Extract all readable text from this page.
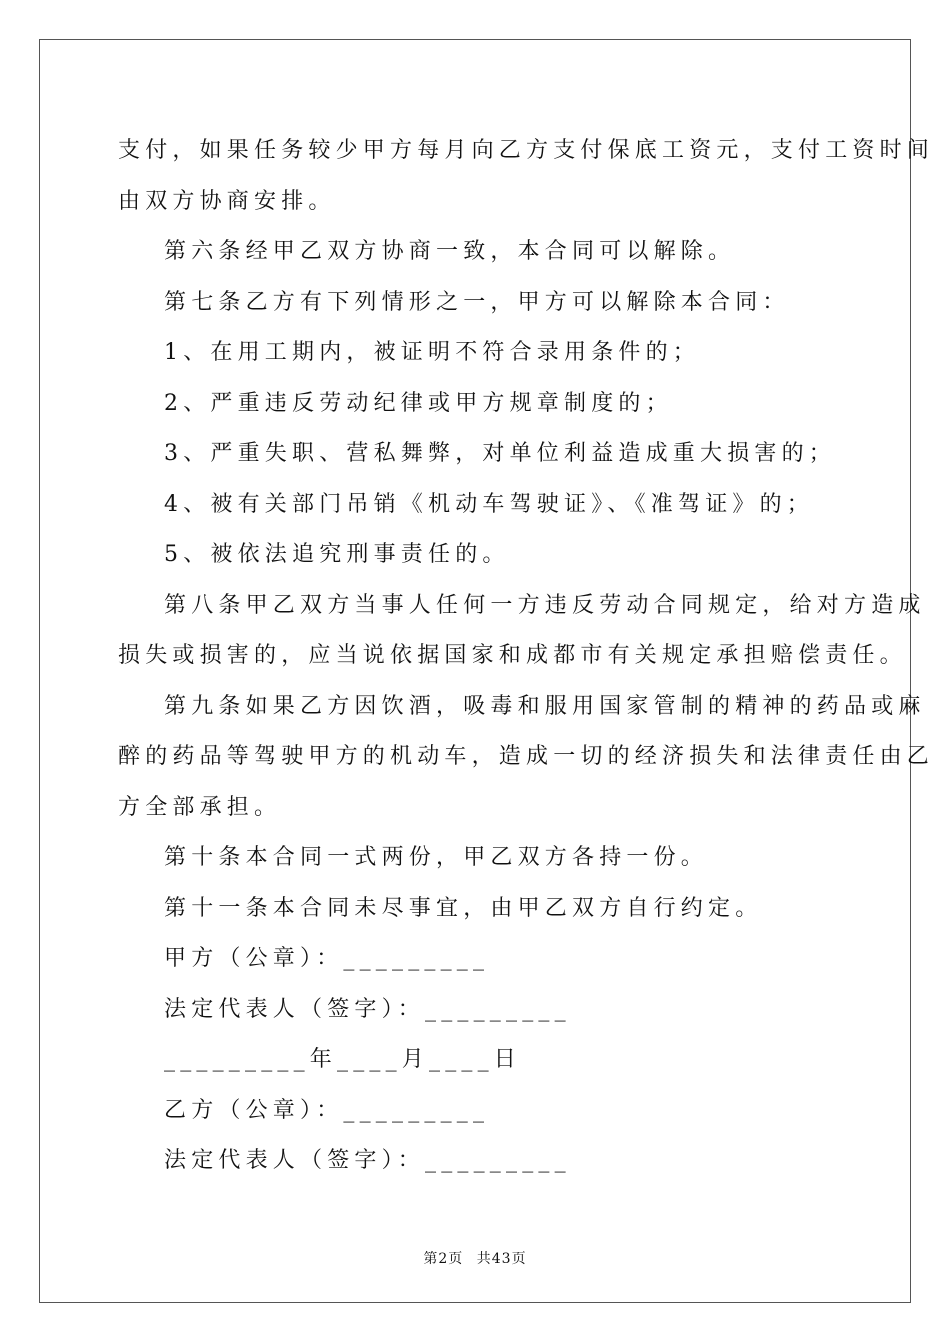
支付，如果任务较少甲方每月向乙方支付保底工资元，支付工资时间
由双方协商安排。
第六条经甲乙双方协商一致，本合同可以解除。
第七条乙方有下列情形之一，甲方可以解除本合同：
1、在用工期内，被证明不符合录用条件的；
2、严重违反劳动纪律或甲方规章制度的；
3、严重失职、营私舞弊，对单位利益造成重大损害的；
4、被有关部门吊销《机动车驾驶证》、《准驾证》的；
5、被依法追究刑事责任的。
第八条甲乙双方当事人任何一方违反劳动合同规定，给对方造成
损失或损害的，应当说依据国家和成都市有关规定承担赔偿责任。
第九条如果乙方因饮酒，吸毒和服用国家管制的精神的药品或麻
醉的药品等驾驶甲方的机动车，造成一切的经济损失和法律责任由乙
方全部承担。
第十条本合同一式两份，甲乙双方各持一份。
第十一条本合同未尽事宜，由甲乙双方自行约定。
甲方（公章）：_________
法定代表人（签字）：_________
_________年____月____日
乙方（公章）：_________
法定代表人（签字）：_________
第2页 共43页
